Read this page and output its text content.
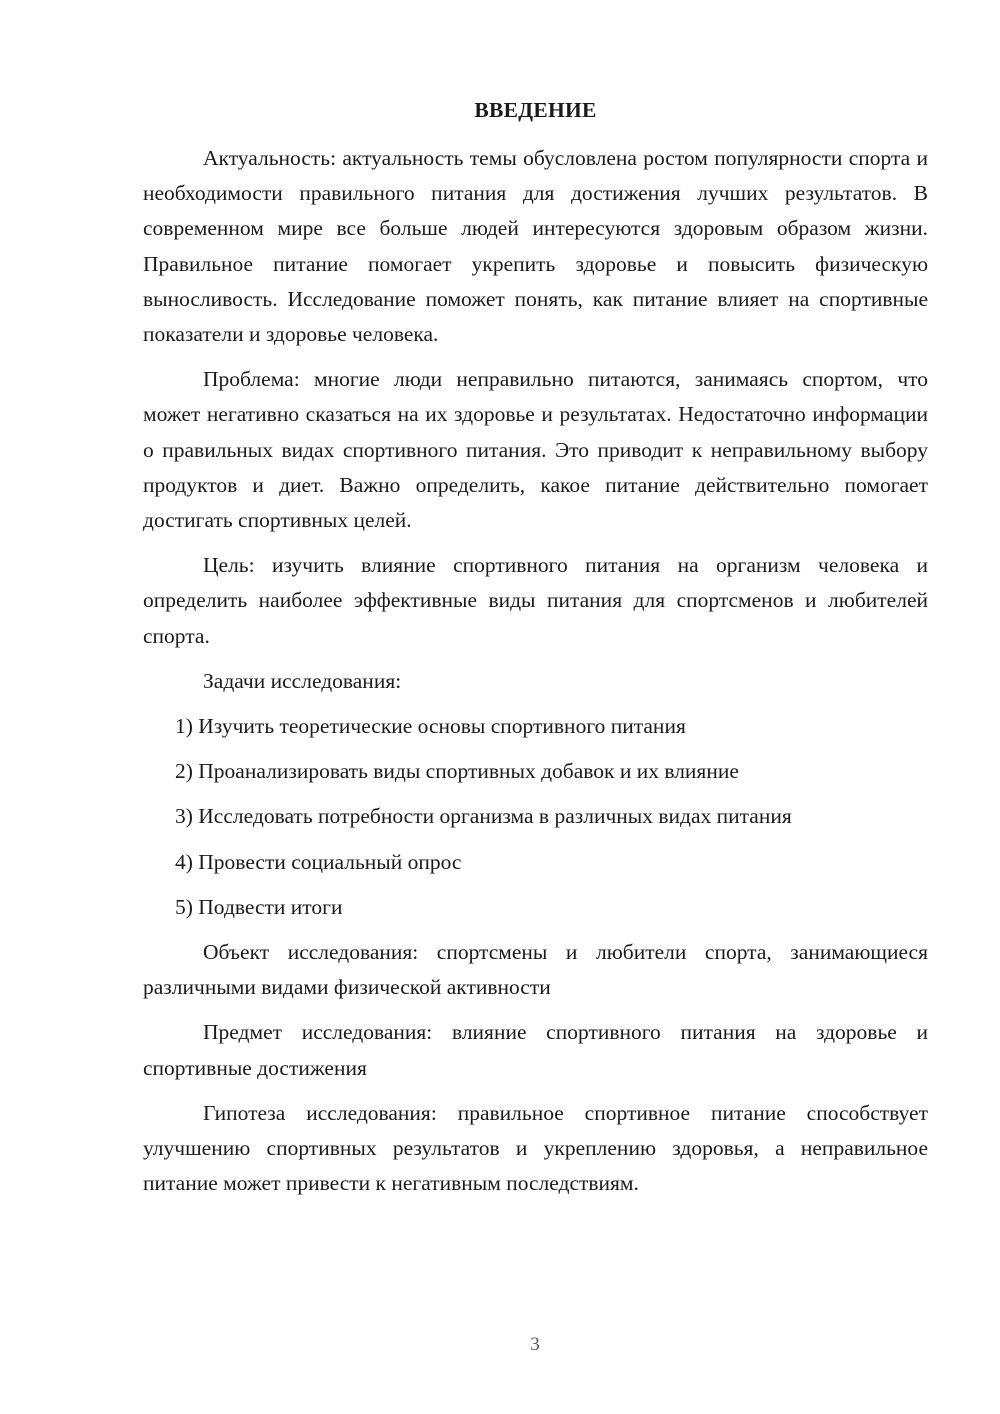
ВВЕДЕНИЕ

Актуальность: актуальность темы обусловлена ростом популярности спорта и необходимости правильного питания для достижения лучших результатов. В современном мире все больше людей интересуются здоровым образом жизни. Правильное питание помогает укрепить здоровье и повысить физическую выносливость. Исследование поможет понять, как питание влияет на спортивные показатели и здоровье человека.

Проблема: многие люди неправильно питаются, занимаясь спортом, что может негативно сказаться на их здоровье и результатах. Недостаточно информации о правильных видах спортивного питания. Это приводит к неправильному выбору продуктов и диет. Важно определить, какое питание действительно помогает достигать спортивных целей.

Цель: изучить влияние спортивного питания на организм человека и определить наиболее эффективные виды питания для спортсменов и любителей спорта.

Задачи исследования:

1) Изучить теоретические основы спортивного питания
2) Проанализировать виды спортивных добавок и их влияние
3) Исследовать потребности организма в различных видах питания
4) Провести социальный опрос
5) Подвести итоги

Объект исследования: спортсмены и любители спорта, занимающиеся различными видами физической активности

Предмет исследования: влияние спортивного питания на здоровье и спортивные достижения

Гипотеза исследования: правильное спортивное питание способствует улучшению спортивных результатов и укреплению здоровья, а неправильное питание может привести к негативным последствиям.

3
